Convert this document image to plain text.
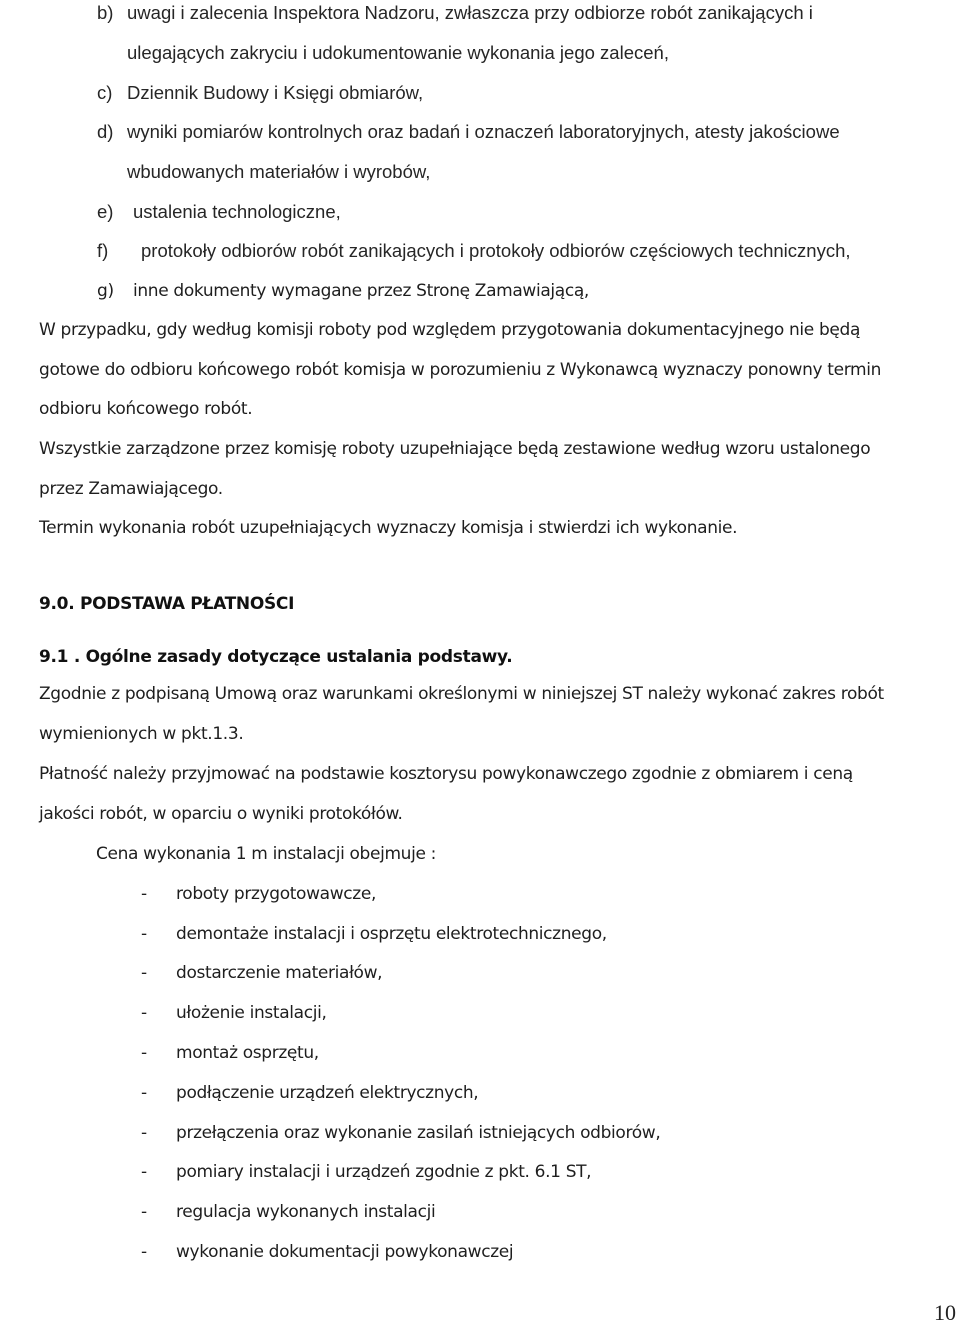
b) uwagi i zalecenia Inspektora Nadzoru, zwłaszcza przy odbiorze robót zanikających i
ulegających zakryciu i udokumentowanie wykonania jego zaleceń,
c) Dziennik Budowy i Księgi obmiarów,
d) wyniki pomiarów kontrolnych oraz badań i oznaczeń laboratoryjnych, atesty jakościowe
wbudowanych materiałów i wyrobów,
e) ustalenia technologiczne,
f) protokoły odbiorów robót zanikających i protokoły odbiorów częściowych technicznych,
g) inne dokumenty wymagane przez Stronę Zamawiającą,
W przypadku, gdy według komisji roboty pod względem przygotowania dokumentacyjnego nie będą
gotowe do odbioru końcowego robót komisja w porozumieniu z Wykonawcą wyznaczy ponowny termin
odbioru końcowego robót.
Wszystkie zarządzone przez komisję roboty uzupełniające będą zestawione według wzoru ustalonego
przez Zamawiającego.
Termin wykonania robót uzupełniających wyznaczy komisja i stwierdzi ich wykonanie.
9.0. PODSTAWA PŁATNOŚCI
9.1 . Ogólne zasady dotyczące ustalania podstawy.
Zgodnie z podpisaną Umową oraz warunkami określonymi w niniejszej ST należy wykonać zakres robót
wymienionych w pkt.1.3.
Płatność należy przyjmować na podstawie kosztorysu powykonawczego zgodnie z obmiarem i ceną
jakości robót, w oparciu o wyniki protokółów.
Cena wykonania 1 m instalacji obejmuje :
- roboty przygotowawcze,
- demontaże instalacji i osprzętu elektrotechnicznego,
- dostarczenie materiałów,
- ułożenie instalacji,
- montaż osprzętu,
- podłączenie urządzeń elektrycznych,
- przełączenia oraz wykonanie zasilań istniejących odbiorów,
- pomiary instalacji i urządzeń zgodnie z pkt. 6.1 ST,
- regulacja wykonanych instalacji
- wykonanie dokumentacji powykonawczej
10
